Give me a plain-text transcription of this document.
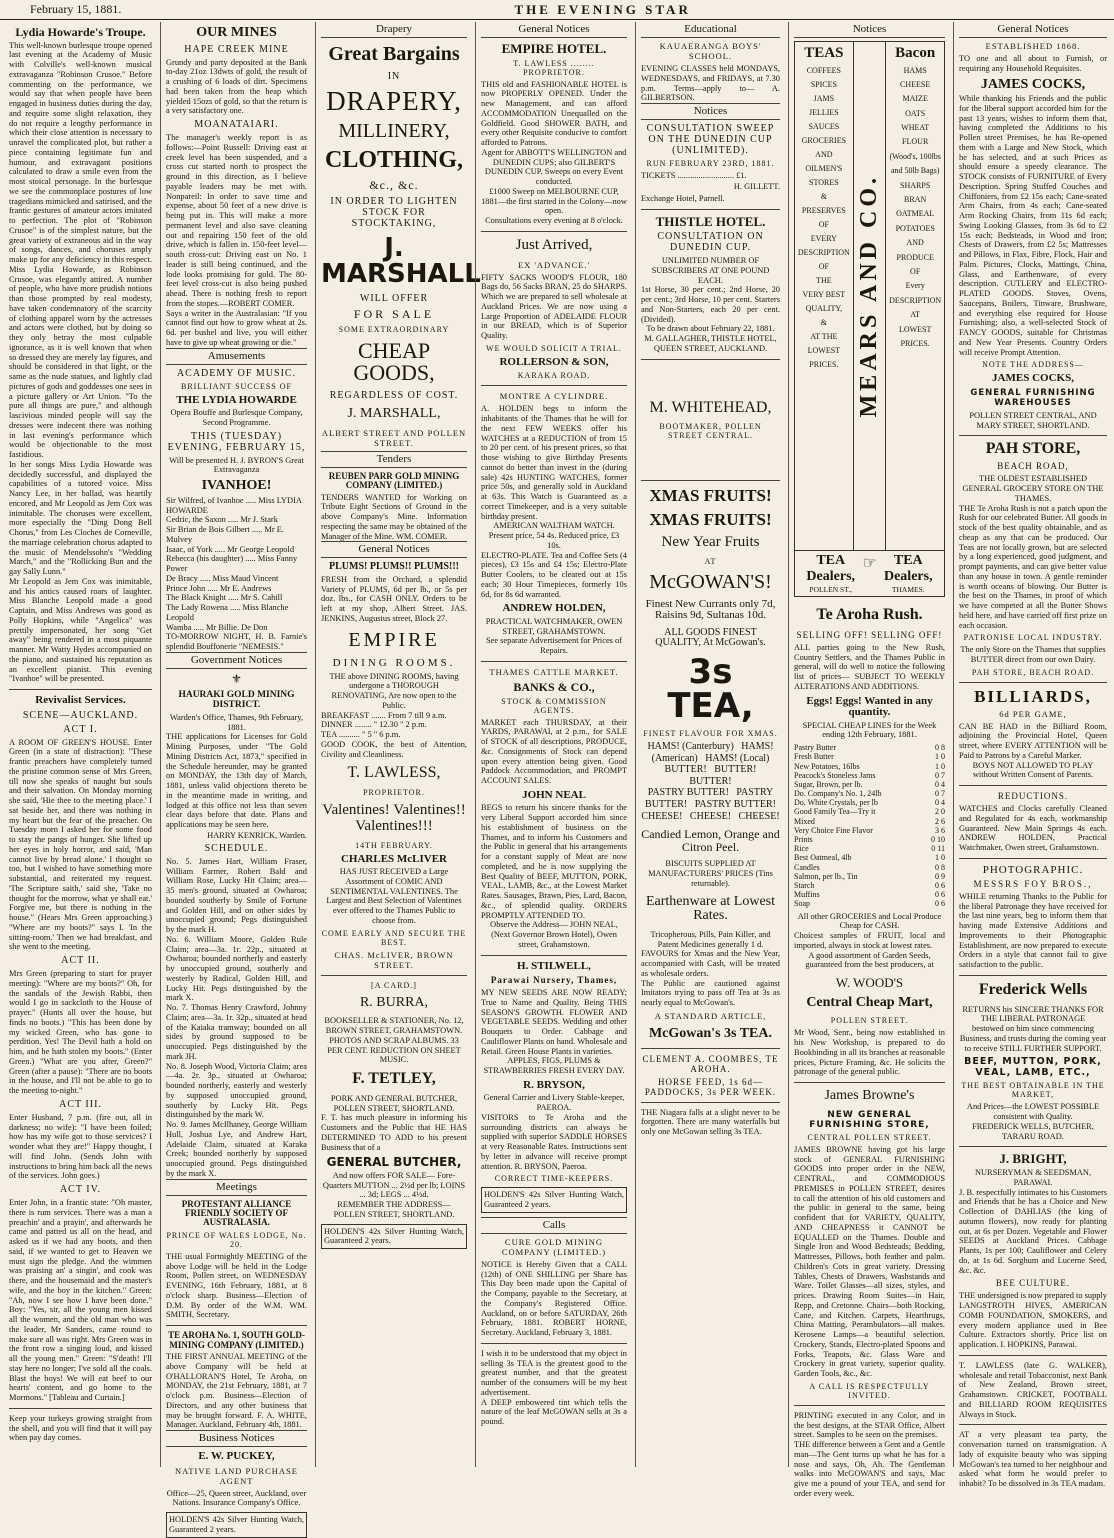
February 15, 1881.	THE EVENING STAR
Lydia Howarde's Troupe.

This well-known burlesque troupe opened last evening at the Academy of Music with Colville's well-known musical extravaganza "Robinson Crusoe." Before commenting on the performance, we would say that when people have been engaged in business duties during the day, and require some slight relaxation, they do not require a lengthy performance in which their close attention is necessary to unravel the complicated plot, but rather a piece containing legitimate fun and humour, and extravagant positions calculated to draw a smile even from the most stoical personage. In the burlesque we see the commonplace postures of low tragedians mimicked and satirised, and the frantic gestures of amateur actors imitated to perfection. The plot of "Robinson Crusoe" is of the simplest nature, but the great variety of extraneous aid in the way of songs, dances, and choruses amply make up for any deficiency in this respect. Miss Lydia Howarde, as Robinson Crusoe, was elegantly attired. A number of people, who have more prudish notions than those prompted by real modesty, have taken condemnatory of the scarcity of clothing apparel worn by the actresses and actors were clothed, but by doing so they only betray the most culpable ignorance, as it is well known that when so dressed they are merely lay figures, and should be considered in that light, or the same as the nude statues, and lightly clad pictures of gods and goddesses one sees in a picture gallery or Art Union. "To the pure all things are pure," and although lascivious minded people will say the dresses were indecent there was nothing in last evening's performance which would be objectionable to the most fastidious.

In her songs Miss Lydia Howarde was decidedly successful, and displayed the capabilities of a tutored voice. Miss Nancy Lee, in her ballad, was heartily encored, and Mr Leopold as Jem Cox was inimitable. The choruses were excellent, more especially the "Ding Dong Bell Chorus," from Les Cloches de Corneville, the marriage celebration chorus adapted to the music of Mendelssohn's "Wedding March," and the "Rollicking Bun and the gay Sally Lunn."

Mr Leopold as Jem Cox was inimitable, and his antics caused roars of laughter. Miss Blanche Leopold made a good Captain, and Miss Andrews was good as Polly Hopkins, while "Angelica" was prettily impersonated, her song "Get away" being rendered in a most piquante manner. Mr Watty Hydes accompanied on the piano, and sustained his reputation as an excellent pianist. This evening "Ivanhoe" will be presented.

Revivalist Services.
SCENE—AUCKLAND.
ACT I.

A ROOM OF GREEN'S HOUSE. Enter Green (in a state of distraction): "These frantic preachers have completely turned the pristine common sense of Mrs Green, till now she speaks of naught but souls and their salvation. On Monday morning she said, 'Hie thee to the meeting place.' I sat beside her, and there was nothing in my heart but the fear of the preacher. On Tuesday morn I asked her for some food to stay the pangs of hunger. She lifted up her eyes in holy horror, and said, 'Man cannot live by bread alone.' I thought so too, but I wished to have something more substantial, and reiterated my request. 'The Scripture saith,' said she, 'Take no thought for the morrow, what ye shall eat.' Forgive me, but there is nothing in the house." (Hears Mrs Green approaching.) "Where are my boots?" says I. 'In the sitting-room.' Then we had breakfast, and she went to the meeting.

ACT II.

Mrs Green (preparing to start for prayer meeting): "Where are my boots?" Oh, for the sandals of the Jewish Rabbi, then would I go in sackcloth to the House of prayer." (Hunts all over the house, but finds no boots.) "This has been done by my wicked Green, who has gone to perdition. Yes! The Devil hath a hold on him, and he hath stolen my boots." (Enter Green.) "What are you after, Green?" Green (after a pause): "There are no boots in the house, and I'll not be able to go to the meeting to-night."

ACT III.

Enter Husband, 7 p.m. (fire out, all in darkness; no wife): "I have been foiled; how has my wife got to those services? I wonder what they are!" Happy thought, I will find John. (Sends John with instructions to bring him back all the news of the services. John goes.)

ACT IV.

Enter John, in a frantic state: "Oh master, there is rum services. There was a man a preachin' and a prayin', and afterwards he came and patted us all on the head, and asked us if we had any boots, and then said, if we wanted to get to Heaven we must sign the pledge. And the wimmen was praising an' a singin', and cook was there, and the housemaid and the master's wife, and the boy in the kitchen." Green: "Ah, now I see how I have been done." Boy: "Yes, sir, all the young men kissed all the women, and the old man who was the leader, Mr Sanders, came round to make sure all was right. Mrs Green was in the front row a singing loud, and kissed all the young men." Green: "S'death! I'll stay here no longer; I've sold all the coals. Blast the boys! We will eat beef to our hearts' content, and go home to the Mormons." [Tableau and Curtain.]

Keep your turkeys growing straight from the shell, and you will find that it will pay when pay day comes.

OUR MINES
HAPE CREEK MINE

Grundy and party deposited at the Bank to-day 21oz 13dwts of gold, the result of a crushing of 6 loads of dirt. Specimens had been taken from the heap which yielded 15ozs of gold, so that the return is a very satisfactory one.

MOANATAIARI.

The manager's weekly report is as follows:—Point Russell: Driving east at creek level has been suspended, and a cross cut started north to prospect the ground in this direction, as I believe payable leaders may be met with. Nonpareil: In order to save time and expense, about 50 feet of a new drive is being put in. This will make a more permanent level and also save cleaning out and repairing 150 feet of the old drive, which is fallen in. 150-feet level—south cross-cut: Driving east on No. 1 leader is still being continued, and the lode looks promising for gold. The 80-feet level cross-cut is also being pushed ahead. There is nothing fresh to report from the stopes.—ROBERT COMER.

Says a writer in the Australasian: "If you cannot find out how to grow wheat at 2s. 6d. per bushel and live, you will either have to give up wheat growing or die."

Amusements
ACADEMY OF MUSIC.
BRILLIANT SUCCESS OF
THE LYDIA HOWARDE

Opera Bouffe and Burlesque Company, Second Programme.

THIS (TUESDAY) EVENING, FEBRUARY 15,

Will be presented H. J. BYRON'S Great Extravaganza

IVANHOE!

Sir Wilfred, of Ivanhoe ..... Miss LYDIA HOWARDE
Cedric, the Saxon ..... Mr J. Stark
Sir Brian de Bois Gilbert ..... Mr E. Mulvey
Isaac, of York ..... Mr George Leopold
Rebecca (his daughter) ..... Miss Fanny Power
De Bracy ..... Miss Maud Vincent
Prince John ..... Mr E. Andrews
The Black Knight ..... Mr S. Cahill
The Lady Rowena ..... Miss Blanche Leopold
Wamba ..... Mr Billie. De Don

TO-MORROW NIGHT, H. B. Farnie's splendid Bouffonerie "NEMESIS."

Government Notices
⚜
HAURAKI GOLD MINING DISTRICT.

Warden's Office, Thames, 9th February, 1881.

THE applications for Licenses for Gold Mining Purposes, under "The Gold Mining Districts Act, 1873," specified in the Schedule hereunder, may be granted on MONDAY, the 13th day of March, 1881, unless valid objections thereto be in the meantime made in writing, and lodged at this office not less than seven clear days before that date. Plans and applications may be seen here.

HARRY KENRICK, Warden.
SCHEDULE.

No. 5. James Hart, William Fraser, William Farmer, Robert Bald and William Rose, Lucky Hit Claim; area—35 men's ground, situated at Owharoa; bounded southerly by Smile of Fortune and Golden Hill, and on other sides by unoccupied ground; Pegs distinguished by the mark H.
No. 6. William Moore, Golden Rule Claim; area—3a. 1r. 22p., situated at Owharoa; bounded northerly and easterly by unoccupied ground, southerly and westerly by Radical, Golden Hill, and Lucky Hit. Pegs distinguished by the mark X.
No. 7. Thomas Henry Crawford, Johnny Claim; area—3a. 1r. 32p., situated at head of the Kaiaka tramway; bounded on all sides by ground supposed to be unoccupied. Pegs distinguished by the mark JH.
No. 8. Joseph Wood, Victoria Claim; area—4a. 2r. 3p., situated at Owharoa; bounded northerly, easterly and westerly by supposed unoccupied ground, southerly by Lucky Hit. Pegs distinguished by the mark W.
No. 9. James McIlhaney, George William Hull, Joshua Lye, and Andrew Hart, Adelaide Claim, situated at Karaka Creek; bounded northerly by supposed unoccupied ground. Pegs distinguished by the mark X.

Meetings
PROTESTANT ALLIANCE FRIENDLY SOCIETY OF AUSTRALASIA.
PRINCE OF WALES LODGE, No. 20.

THE usual Fortnightly MEETING of the above Lodge will be held in the Lodge Room, Pollen street, on WEDNESDAY EVENING, 16th February, 1881, at 8 o'clock sharp. Business—Election of D.M. By order of the W.M. WM. SMITH, Secretary.

TE AROHA No. 1, SOUTH GOLD-MINING COMPANY (LIMITED.)

THE FIRST ANNUAL MEETING of the above Company will be held at O'HALLORAN'S Hotel, Te Aroha, on MONDAY, the 21st February, 1881, at 7 o'clock p.m. Business—Election of Directors, and any other business that may be brought forward. F. A. WHITE, Manager. Auckland, February 4th, 1881.

Business Notices
E. W. PUCKEY,
NATIVE LAND PURCHASE AGENT

Office—25, Queen street, Auckland, over Nations. Insurance Company's Office.

HOLDEN'S 42s Silver Hunting Watch, Guaranteed 2 years.

Drapery
Great Bargains
IN
DRAPERY,
MILLINERY,
CLOTHING,
&c., &c.
IN ORDER TO LIGHTEN STOCK FOR STOCKTAKING,
J. MARSHALL
WILL OFFER
FOR SALE
SOME EXTRAORDINARY
CHEAP GOODS,
REGARDLESS OF COST.
J. MARSHALL,
ALBERT STREET AND POLLEN STREET.
Tenders
REUBEN PARR GOLD MINING COMPANY (LIMITED.)

TENDERS WANTED for Working on Tribute Eight Sections of Ground in the above Company's Mine. Information respecting the same may be obtained of the Manager of the Mine. WM. COMER.

General Notices
PLUMS! PLUMS!! PLUMS!!!

FRESH from the Orchard, a splendid Variety of PLUMS, 6d per lb., or 5s per doz. lbs., for CASH ONLY. Orders to be left at my shop, Albert Street. JAS. JENKINS, Augustus street, Block 27.

EMPIRE
DINING ROOMS.

THE above DINING ROOMS, having undergone a THOROUGH RENOVATING, Are now open to the Public.

BREAKFAST ....... From 7 till 9 a.m.
DINNER ........ " 12.30 " 2 p.m.
TEA .......... " 5 " 6 p.m.

GOOD COOK, the best of Attention, Civility and Cleanliness.

T. LAWLESS,
PROPRIETOR.
Valentines! Valentines!! Valentines!!!
14TH FEBRUARY.
CHARLES McLIVER

HAS JUST RECEIVED a Large Assortment of COMIC AND SENTIMENTAL VALENTINES. The Largest and Best Selection of Valentines ever offered to the Thames Public to choose from.

COME EARLY AND SECURE THE BEST.
CHAS. McLIVER, BROWN STREET.
[A CARD.]
R. BURRA,

BOOKSELLER & STATIONER, No. 12, BROWN STREET, GRAHAMSTOWN.

PHOTOS AND SCRAP ALBUMS. 33 PER CENT. REDUCTION ON SHEET MUSIC.

F. TETLEY,

PORK AND GENERAL BUTCHER, POLLEN STREET, SHORTLAND.

F. T. has much pleasure in informing his Customers and the Public that HE HAS DETERMINED TO ADD to his present Business that of a

GENERAL BUTCHER,

And now offers FOR SALE— Fore-Quarters MUTTON ... 2½d per lb; LOINS ... 3d; LEGS ... 4½d.

REMEMBER THE ADDRESS— POLLEN STREET, SHORTLAND.

HOLDEN'S 42s Silver Hunting Watch, Guaranteed 2 years.

General Notices
EMPIRE HOTEL.
T. LAWLESS ........ PROPRIETOR.

THIS old and FASHIONABLE HOTEL is now PROPERLY OPENED. Under the new Management, and can afford ACCOMMODATION Unequalled on the Goldfield. Good SHOWER BATH, and every other Requisite conducive to comfort afforded to Patrons.

Agent for ABBOTT'S WELLINGTON and DUNEDIN CUPS; also GILBERT'S DUNEDIN CUP. Sweeps on every Event conducted.

£1000 Sweep on MELBOURNE CUP, 1881—the first started in the Colony—now open.

Consultations every evening at 8 o'clock.

Just Arrived,
EX 'ADVANCE.'

FIFTY SACKS WOOD'S FLOUR, 180 Bags do, 56 Sacks BRAN, 25 do SHARPS. Which we are prepared to sell wholesale at Auckland Prices. We are now using a Large Proportion of ADELAIDE FLOUR in our BREAD, which is of Superior Quality.

WE WOULD SOLICIT A TRIAL.
ROLLERSON & SON,
KARAKA ROAD.
MONTRE A CYLINDRE.

A. HOLDEN begs to inform the inhabitants of the Thames that he will for the next FEW WEEKS offer his WATCHES at a REDUCTION of from 15 to 20 per cent. of his present prices, so that those wishing to give Birthday Presents cannot do better than invest in the (during sale) 42s HUNTING WATCHES, former price 50s, and generally sold in Auckland at 63s. This Watch is Guaranteed as a correct Timekeeper, and is a very suitable birthday present.

AMERICAN WALTHAM WATCH. Present price, 54 4s. Reduced price, £3 10s.

ELECTRO-PLATE. Tea and Coffee Sets (4 pieces), £3 15s and £4 15s; Electro-Plate Butter Coolers, to be cleared out at 15s each; 30 Hour Timepieces, formerly 10s 6d, for 8s 6d warranted.

ANDREW HOLDEN,

PRACTICAL WATCHMAKER, OWEN STREET, GRAHAMSTOWN.

See separate Advertisement for Prices of Repairs.

THAMES CATTLE MARKET.
BANKS & CO.,
STOCK & COMMISSION AGENTS.

MARKET each THURSDAY, at their YARDS, PARAWAI, at 2 p.m., for SALE of STOCK of all descriptions, PRODUCE, &c. Consignments of Stock can depend upon every attention being given. Good Paddock Accommodation, and PROMPT ACCOUNT SALES.

JOHN NEAL

BEGS to return his sincere thanks for the very Liberal Support accorded him since his establishment of business on the Thames, and to inform his Customers and the Public in general that his arrangements for a constant supply of Meat are now completed, and he is now supplying the Best Quality of BEEF, MUTTON, PORK, VEAL, LAMB, &c., at the Lowest Market Rates. Sausages, Brawn, Pies, Lard, Bacon, &c., of splendid quality. ORDERS PROMPTLY ATTENDED TO.

Observe the Address— JOHN NEAL, (Next Governor Brown Hotel), Owen street, Grahamstown.

H. STILWELL,
Parawai Nursery, Thames,

MY NEW SEEDS ARE NOW READY; True to Name and Quality. Being THIS SEASON'S GROWTH. FLOWER AND VEGETABLE SEEDS. Wedding and other Bouquets to Order. Cabbage and Cauliflower Plants on hand. Wholesale and Retail. Green House Plants in varieties.

APPLES, FIGS, PLUMS & STRAWBERRIES FRESH EVERY DAY.

R. BRYSON,

General Carrier and Livery Stable-keeper, PAEROA.

VISITORS to Te Aroha and the surrounding districts can always be supplied with superior SADDLE HORSES at very Reasonable Rates. Instructions sent by letter in advance will receive prompt attention. R. BRYSON, Paeroa.

CORRECT TIME-KEEPERS.

HOLDEN'S 42s Silver Hunting Watch, Guaranteed 2 years.

Calls
CURE GOLD MINING COMPANY (LIMITED.)

NOTICE is Hereby Given that a CALL (12th) of ONE SHILLING per Share has This Day been made upon the Capital of the Company, payable to the Secretary, at the Company's Registered Office. Auckland, on or before SATURDAY, 26th February, 1881. ROBERT HORNE, Secretary. Auckland, February 3, 1881.

I wish it to be understood that my object in selling 3s TEA is the greatest good to the greatest number, and that the greatest number of the consumers will be my best advertisement.

A DEEP embowered tint which tells the nature of the leaf McGOWAN sells at 3s a pound.

Educational
KAUAERANGA BOYS' SCHOOL.

EVENING CLASSES held MONDAYS, WEDNESDAYS, and FRIDAYS, at 7.30 p.m. Terms—apply to— A. GILBERTSON.

Notices
CONSULTATION SWEEP ON THE DUNEDIN CUP (UNLIMITED).
RUN FEBRUARY 23RD, 1881.

TICKETS ........................... £1.

H. GILLETT.

Exchange Hotel, Parnell.

THISTLE HOTEL.
CONSULTATION ON DUNEDIN CUP.

UNLIMITED NUMBER OF SUBSCRIBERS AT ONE POUND EACH.

1st Horse, 30 per cent.; 2nd Horse, 20 per cent.; 3rd Horse, 10 per cent. Starters and Non-Starters, each 20 per cent. (Divided).

To be drawn about February 22, 1881.

M. GALLAGHER, THISTLE HOTEL, QUEEN STREET, AUCKLAND.

M. WHITEHEAD,
BOOTMAKER, POLLEN STREET CENTRAL.
XMAS FRUITS!
XMAS FRUITS!
New Year Fruits
AT
McGOWAN'S!
Finest New Currants only 7d, Raisins 9d, Sultanas 10d.
ALL GOODS FINEST QUALITY, At McGowan's.
3s TEA,
FINEST FLAVOUR FOR XMAS.

HAMS! (Canterbury)   HAMS! (American)   HAMS! (Local)

BUTTER!   BUTTER!   BUTTER!

PASTRY BUTTER!   PASTRY BUTTER!   PASTRY BUTTER!

CHEESE!   CHEESE!   CHEESE!

Candied Lemon, Orange and Citron Peel.

BISCUITS SUPPLIED AT MANUFACTURERS' PRICES (Tins returnable).

Earthenware at Lowest Rates.

Tricopherous, Pills, Pain Killer, and Patent Medicines generally 1 d.

FAVOURS for Xmas and the New Year, accompanied with Cash, will be treated as wholesale orders.

The Public are cautioned against Imitators trying to pass off Tea at 3s as nearly equal to McGowan's.

A STANDARD ARTICLE,
McGowan's 3s TEA.
CLEMENT A. COOMBES, TE AROHA.
HORSE FEED, 1s 6d—PADDOCKS, 3s PER WEEK.

THE Niagara falls at a slight never to be forgotten. There are many waterfalls but only one McGowan selling 3s TEA.

Notices
TEAS
COFFEES
SPICES
JAMS
JELLIES
SAUCES
GROCERIES
AND
OILMEN'S
STORES
&
PRESERVES
OF
EVERY
DESCRIPTION
OF
THE
VERY BEST
QUALITY,
&
AT THE
LOWEST
PRICES. MEARS AND CO.
Bacon
HAMS
CHEESE
MAIZE
OATS
WHEAT
FLOUR
(Wood's, 100lbs
and 50lb Bags)
SHARPS
BRAN
OATMEAL
POTATOES
AND
PRODUCE
OF
Every
DESCRIPTION
AT
LOWEST
PRICES.
TEA Dealers,
POLLEN ST.,
☞	TEA Dealers,
THAMES.
Te Aroha Rush.
SELLING OFF! SELLING OFF!

ALL parties going to the New Rush, Country Settlers, and the Thames Public in general, will do well to notice the following list of prices— SUBJECT TO WEEKLY ALTERATIONS AND ADDITIONS.

Eggs! Eggs! Wanted in any quantity.

SPECIAL CHEAP LINES for the Week ending 12th February, 1881.

Pastry Butter	0 8
Fresh Butter	1 0
New Potatoes, 16lbs	1 0
Peacock's Stoneless Jams	0 7
Sugar, Brown, per lb.	0 4
Do. Company's No. 1, 24lb	0 7
Do. White Crystals, per lb	0 4
Good Family Tea—Try it	2 0
Mixed	2 6
Very Choice Fine Flavor	3 6
Prints	0 10
Rice	0 11
Best Oatmeal, 4lb	1 0
Candles	0 8
Salmon, per lb., Tin	0 9
Starch	0 6
Muffins	0 6
Soap	0 6

All other GROCERIES and Local Produce Cheap for CASH.

Choicest samples of FRUIT, local and imported, always in stock at lowest rates.

A good assortment of Garden Seeds, guaranteed from the best producers, at

W. WOOD'S
Central Cheap Mart,
POLLEN STREET.

Mr Wood, Senr., being now established in his New Workshop, is prepared to do Bookbinding in all its branches at reasonable prices, Picture Framing, &c. He solicits the patronage of the general public.

James Browne's
NEW GENERAL FURNISHING STORE,
CENTRAL POLLEN STREET.

JAMES BROWNE having got his large stock of GENERAL FURNISHING GOODS into proper order in the NEW, CENTRAL, and COMMODIOUS PREMISES in POLLEN STREET, desires to call the attention of his old customers and the public in general to the same, being confident that for VARIETY, QUALITY, AND CHEAPNESS it CANNOT be EQUALLED on the Thames. Double and Single Iron and Wood Bedsteads; Bedding, Mattresses, Pillows, both feather and palm. Children's Cots in great variety. Dressing Tables, Chests of Drawers, Washstands and Ware. Toilet Glasses—all sizes, styles, and prices. Drawing Room Suites—in Hair, Repp, and Cretonne. Chairs—both Rocking, Cane, and Kitchen. Carpets, Hearthrugs, China Matting, Perambulators—all makes. Kerosene Lamps—a beautiful selection. Crockery, Stands, Electro-plated Spoons and Forks, Teapots, &c. Glass Ware and Crockery in great variety, superior quality. Garden Tools, &c., &c.

A CALL IS RESPECTFULLY INVITED.

PRINTING executed in any Color, and in the best designs, at the STAR Office, Albert street. Samples to be seen on the premises.

THE difference between a Gent and a Gentle man—The Gent turns up what he has for a nose and says, Oh, Ah. The Gentleman walks into McGOWAN'S and says, Mac give me a pound of your TEA, and send for order every week.

General Notices
ESTABLISHED 1868.

TO one and all about to Furnish, or requiring any Household Requisites.

JAMES COCKS,

While thanking his Friends and the public for the liberal support accorded him for the past 13 years, wishes to inform them that, having completed the Additions to his Pollen street Premises, he has Re-opened them with a Large and New Stock, which he has selected, and at such Prices as should ensure a speedy clearance. The STOCK consists of FURNITURE of Every Description. Spring Stuffed Couches and Chiffoniers, from £2 15s each; Cane-seated Arm Chairs, from 4s each; Cane-seated Arm Rocking Chairs, from 11s 6d each; Swing Looking Glasses, from 3s 6d to £2 15s each; Bedsteads, in Wood and Iron; Chests of Drawers, from £2 5s; Mattresses and Pillows, in Flax, Fibre, Flock, Hair and Palm. Pictures, Clocks, Mattings, China, Glass, and Earthenware, of every description. CUTLERY and ELECTRO-PLATED GOODS. Stoves, Ovens, Saucepans, Boilers, Tinware, Brushware, and everything else required for House Furnishing; also, a well-selected Stock of FANCY GOODS, suitable for Christmas and New Year Presents. Country Orders will receive Prompt Attention.

NOTE THE ADDRESS—
JAMES COCKS,
GENERAL FURNISHING WAREHOUSES

POLLEN STREET CENTRAL, AND MARY STREET, SHORTLAND.

PAH STORE,
BEACH ROAD,

THE OLDEST ESTABLISHED GENERAL GROCERY STORE ON THE THAMES.

THE Te Aroha Rush is not a patch upon the Rush for our celebrated Butter. All goods in stock of the best quality obtainable, and as cheap as any that can be produced. Our Teas are not locally grown, but are selected by a long experienced, good judgment, and prompt payments, and can give better value than any house in town. A gentle reminder is worth oceans of blowing. Our Butter is the best on the Thames, in proof of which we have competed at all the Butter Shows held here, and have carried off first prize on each occasion.

PATRONISE LOCAL INDUSTRY.

The only Store on the Thames that supplies BUTTER direct from our own Dairy.

PAH STORE, BEACH ROAD.
BILLIARDS,
6d PER GAME,

CAN BE HAD in the Billiard Room, adjoining the Provincial Hotel, Queen street, where EVERY ATTENTION will be Paid to Patrons by a Careful Marker.

BOYS NOT ALLOWED TO PLAY without Written Consent of Parents.

REDUCTIONS.

WATCHES and Clocks carefully Cleaned and Regulated for 4s each, workmanship Guaranteed. New Main Springs 4s each. ANDREW HOLDEN, Practical Watchmaker, Owen street, Grahamstown.

PHOTOGRAPHIC.
MESSRS FOY BROS.,

WHILE returning Thanks to the Public for the liberal Patronage they have received for the last nine years, beg to inform them that having made Extensive Additions and Improvements to their Photographic Establishment, are now prepared to execute Orders in a style that cannot fail to give satisfaction to the public.

Frederick Wells

RETURNS his SINCERE THANKS FOR THE LIBERAL PATRONAGE

bestowed on him since commencing Business, and trusts during the coming year to receive STILL FURTHER SUPPORT.

BEEF, MUTTON, PORK, VEAL, LAMB, ETC.,
THE BEST OBTAINABLE IN THE MARKET,

And Prices—the LOWEST POSSIBLE consistent with Quality.

FREDERICK WELLS, BUTCHER, TARARU ROAD.

J. BRIGHT,

NURSERYMAN & SEEDSMAN, PARAWAI.

J. B. respectfully intimates to his Customers and Friends that he has a Choice and New Collection of DAHLIAS (the king of autumn flowers), now ready for planting out, at 6s per Dozen. Vegetable and Flower SEEDS at Auckland Prices. Cabbage Plants, 1s per 100; Cauliflower and Celery do, at 1s 6d. Sorghum and Lucerne Seed, &c. &c.

BEE CULTURE.

THE undersigned is now prepared to supply LANGSTROTH HIVES, AMERICAN COMB FOUNDATION, SMOKERS, and every modern appliance used in Bee Culture. Extractors shortly. Price list on application. I. HOPKINS, Parawai.

T. LAWLESS (late G. WALKER), wholesale and retail Tobacconist, next Bank of New Zealand, Brown street, Grahamstown. CRICKET, FOOTBALL and BILLIARD ROOM REQUISITES Always in Stock.

AT a very pleasant tea party, the conversation turned on transmigration. A lady of exquisite beauty who was sipping McGowan's tea turned to her neighbour and asked what form he would prefer to inhabit? To be dissolved in 3s TEA madam.
